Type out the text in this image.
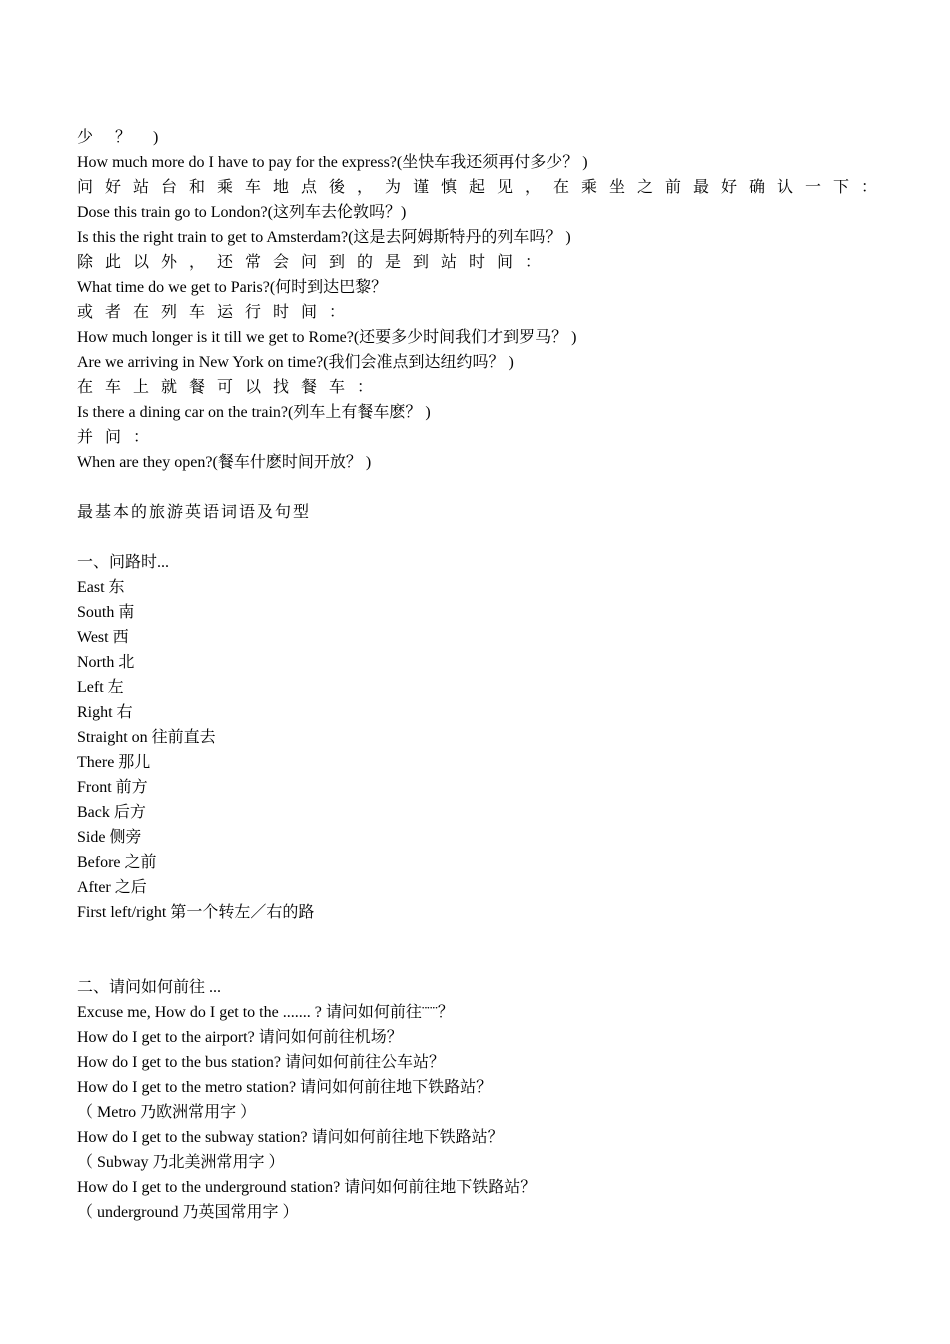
少 ？ )
How much more do I have to pay for the express?(坐快车我还须再付多少？ )
问好站台和乘车地点後，为谨慎起见，在乘坐之前最好确认一下：
Dose this train go to London?(这列车去伦敦吗？)
Is this the right train to get to Amsterdam?(这是去阿姆斯特丹的列车吗？ )
除此以外，还常会问到的是到站时间：
What time do we get to Paris?(何时到达巴黎？
或者在列车运行时间：
How much longer is it till we get to Rome?(还要多少时间我们才到罗马？ )
Are we arriving in New York on time?(我们会准点到达纽约吗？ )
在车上就餐可以找餐车：
Is there a dining car on the train?(列车上有餐车麽？ )
并问：
When are they open?(餐车什麽时间开放？ )
最基本的旅游英语词语及句型
一、问路时...
East 东
South 南
West 西
North 北
Left 左
Right 右
Straight on 往前直去
There 那儿
Front 前方
Back 后方
Side 侧旁
Before 之前
After 之后
First left/right 第一个转左／右的路
二、请问如何前往 ...
Excuse me, How do I get to the ....... ? 请问如何前往¨¨¨？
How do I get to the airport? 请问如何前往机场？
How do I get to the bus station? 请问如何前往公车站？
How do I get to the metro station? 请问如何前往地下铁路站？
（ Metro 乃欧洲常用字 ）
How do I get to the subway station? 请问如何前往地下铁路站？
（ Subway 乃北美洲常用字 ）
How do I get to the underground station? 请问如何前往地下铁路站？
（ underground 乃英国常用字 ）
